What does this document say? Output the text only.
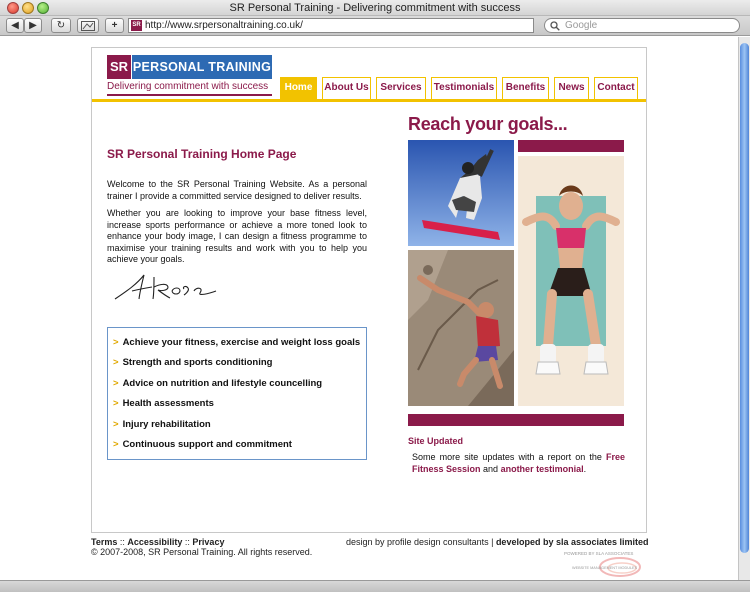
SR Personal Training - Delivering commitment with success
◀	▶	↻	+	SR http://www.srpersonaltraining.co.uk/	Google
SR PERSONAL TRAINING
Delivering commitment with success	Home	About Us	Services	Testimonials	Benefits	News	Contact
SR Personal Training Home Page

Welcome to the SR Personal Training Website. As a personal trainer I provide a committed service designed to deliver results.

Whether you are looking to improve your base fitness level, increase sports performance or achieve a more toned look to enhance your body image, I can design a fitness programme to maximise your training results and work with you to help you achieve your goals.

> Achieve your fitness, exercise and weight loss goals
> Strength and sports conditioning
> Advice on nutrition and lifestyle councelling
> Health assessments
> Injury rehabilitation
> Continuous support and commitment
Reach your goals...
Site Updated
Some more site updates with a report on the Free Fitness Session and another testimonial.
Terms :: Accessibility :: Privacy
© 2007-2008, SR Personal Training. All rights reserved.
design by profile design consultants | developed by sla associates limited
POWERED BY SLA ASSOCIATES
WEBSITE MANAGEMENT MODULES
